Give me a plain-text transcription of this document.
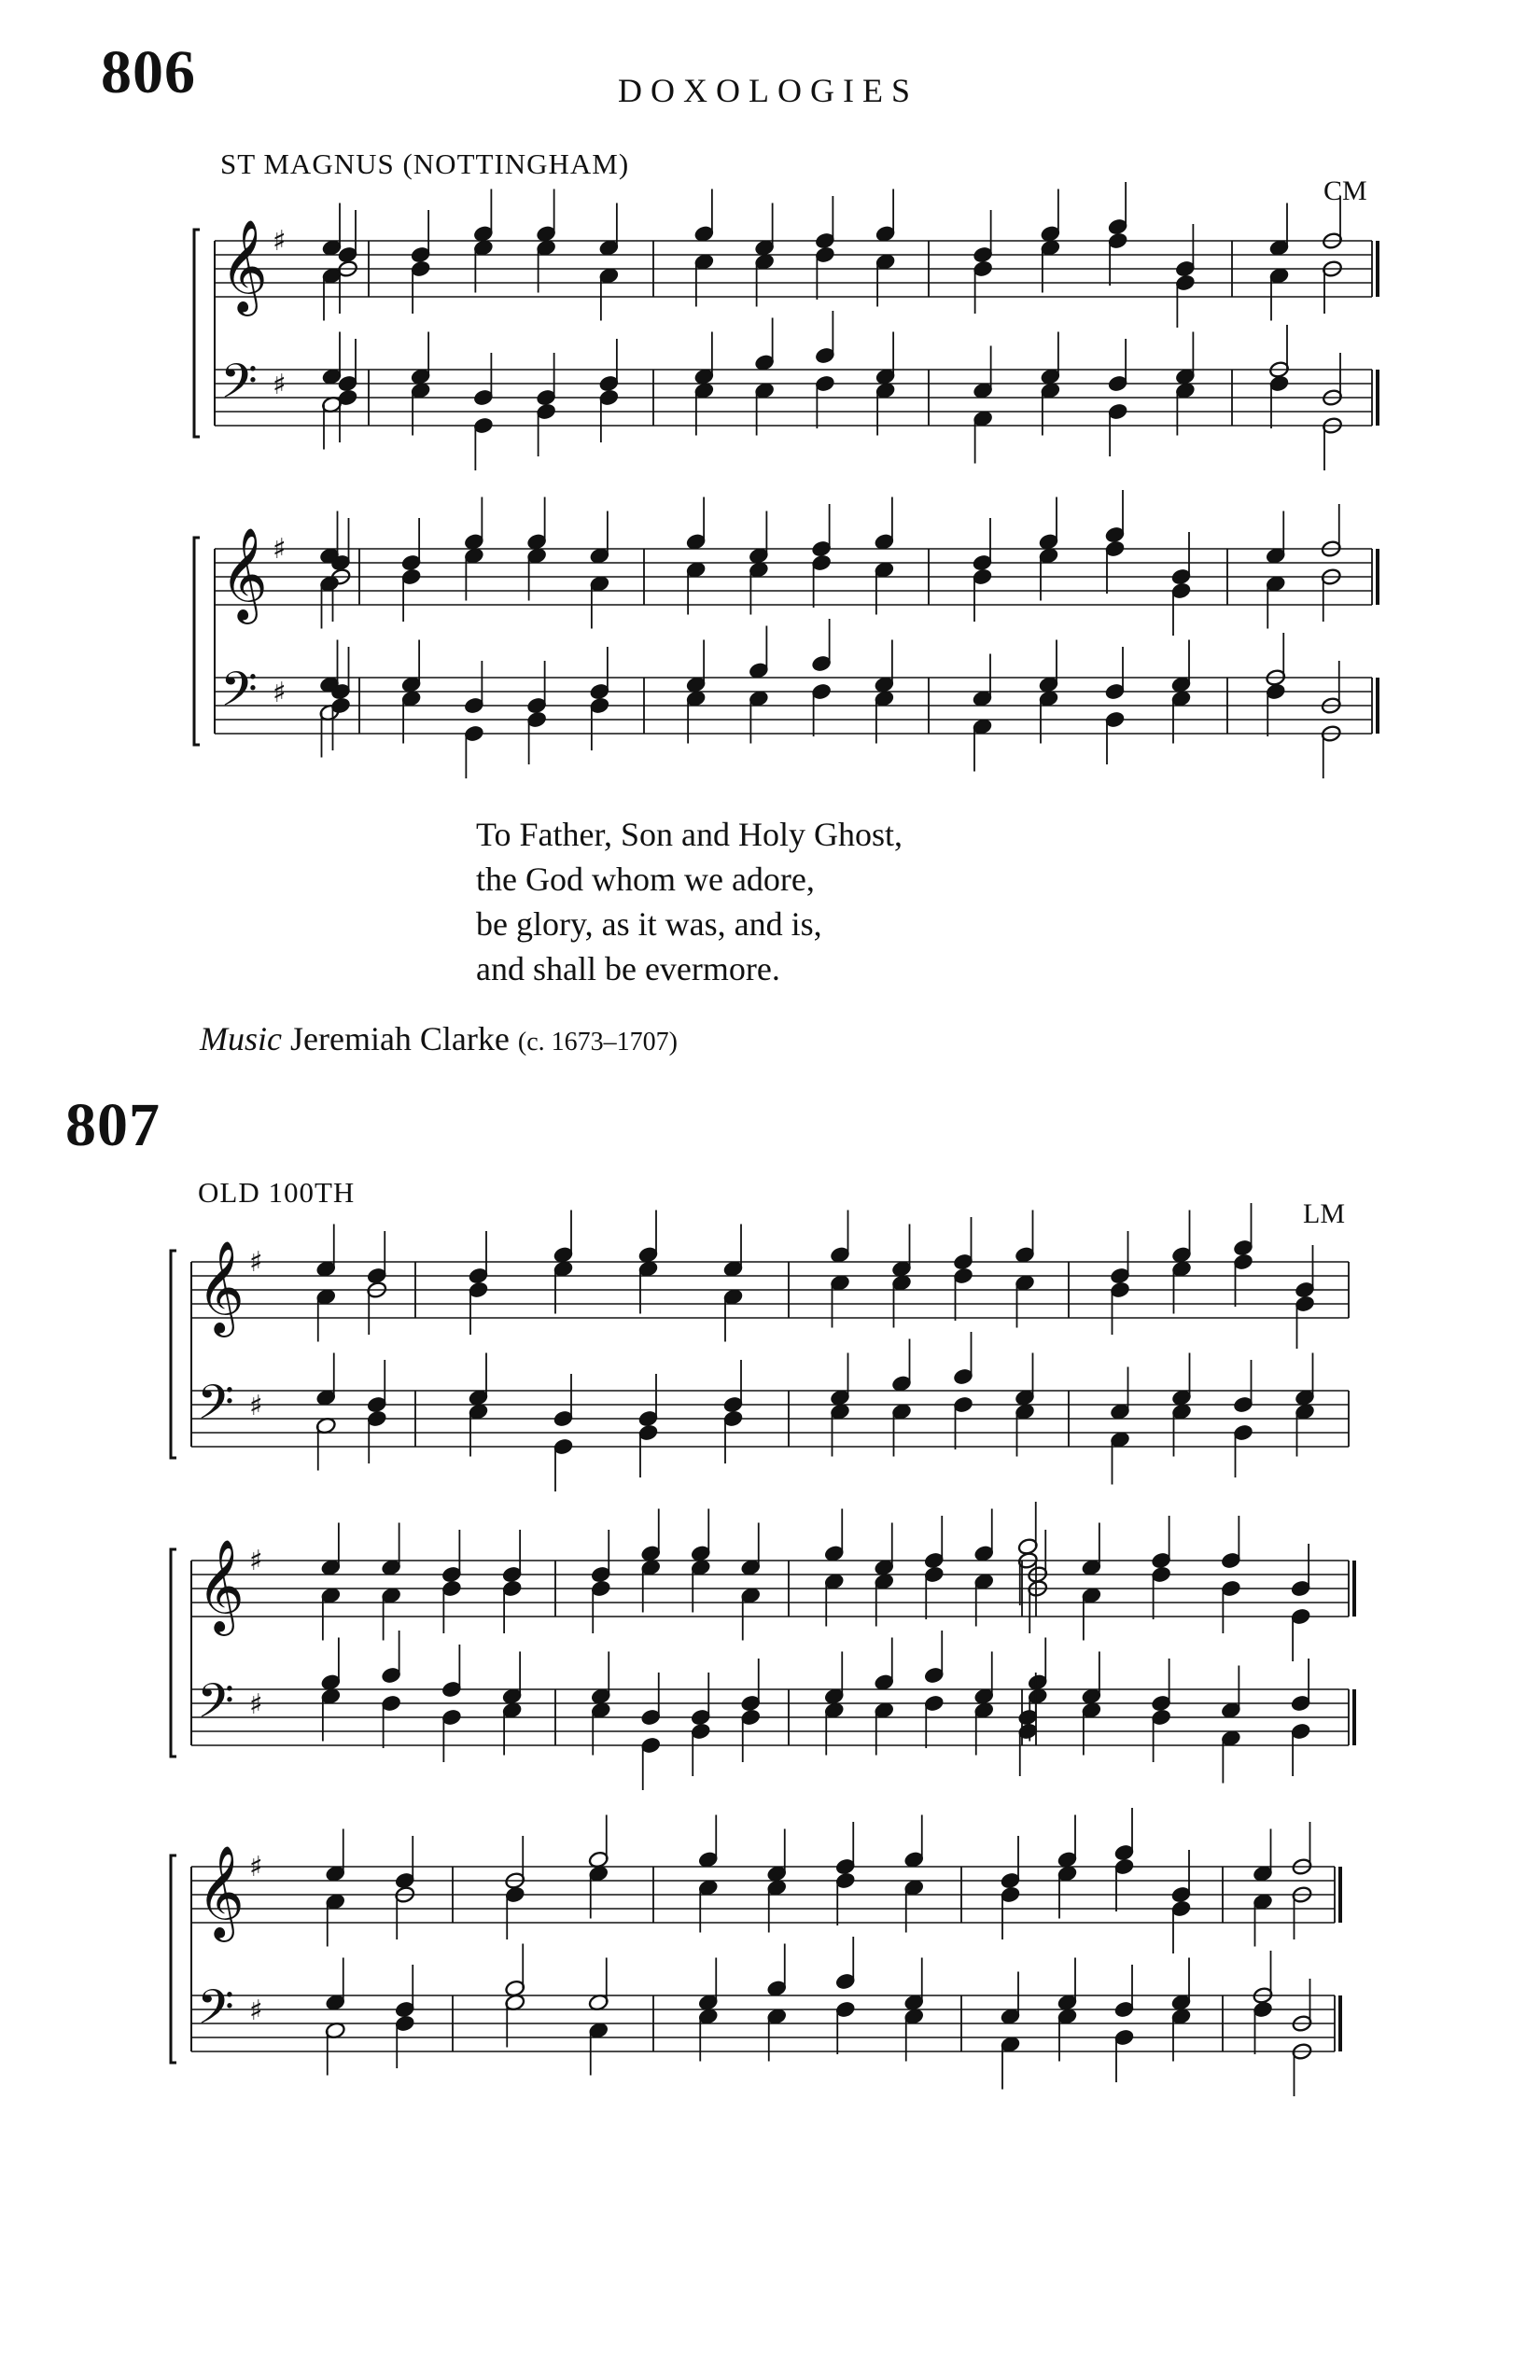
806	DOXOLOGIES
ST MAGNUS (NOTTINGHAM)
CM
𝄞 ♯
𝄢 ♯
𝄞 ♯
𝄢 ♯
To Father, Son and Holy Ghost,
the God whom we adore,
be glory, as it was, and is,
and shall be evermore.
Music Jeremiah Clarke (c. 1673–1707)
807
OLD 100TH
LM
𝄞 ♯
𝄢 ♯
𝄞 ♯
𝄢 ♯
𝄞 ♯
𝄢 ♯
